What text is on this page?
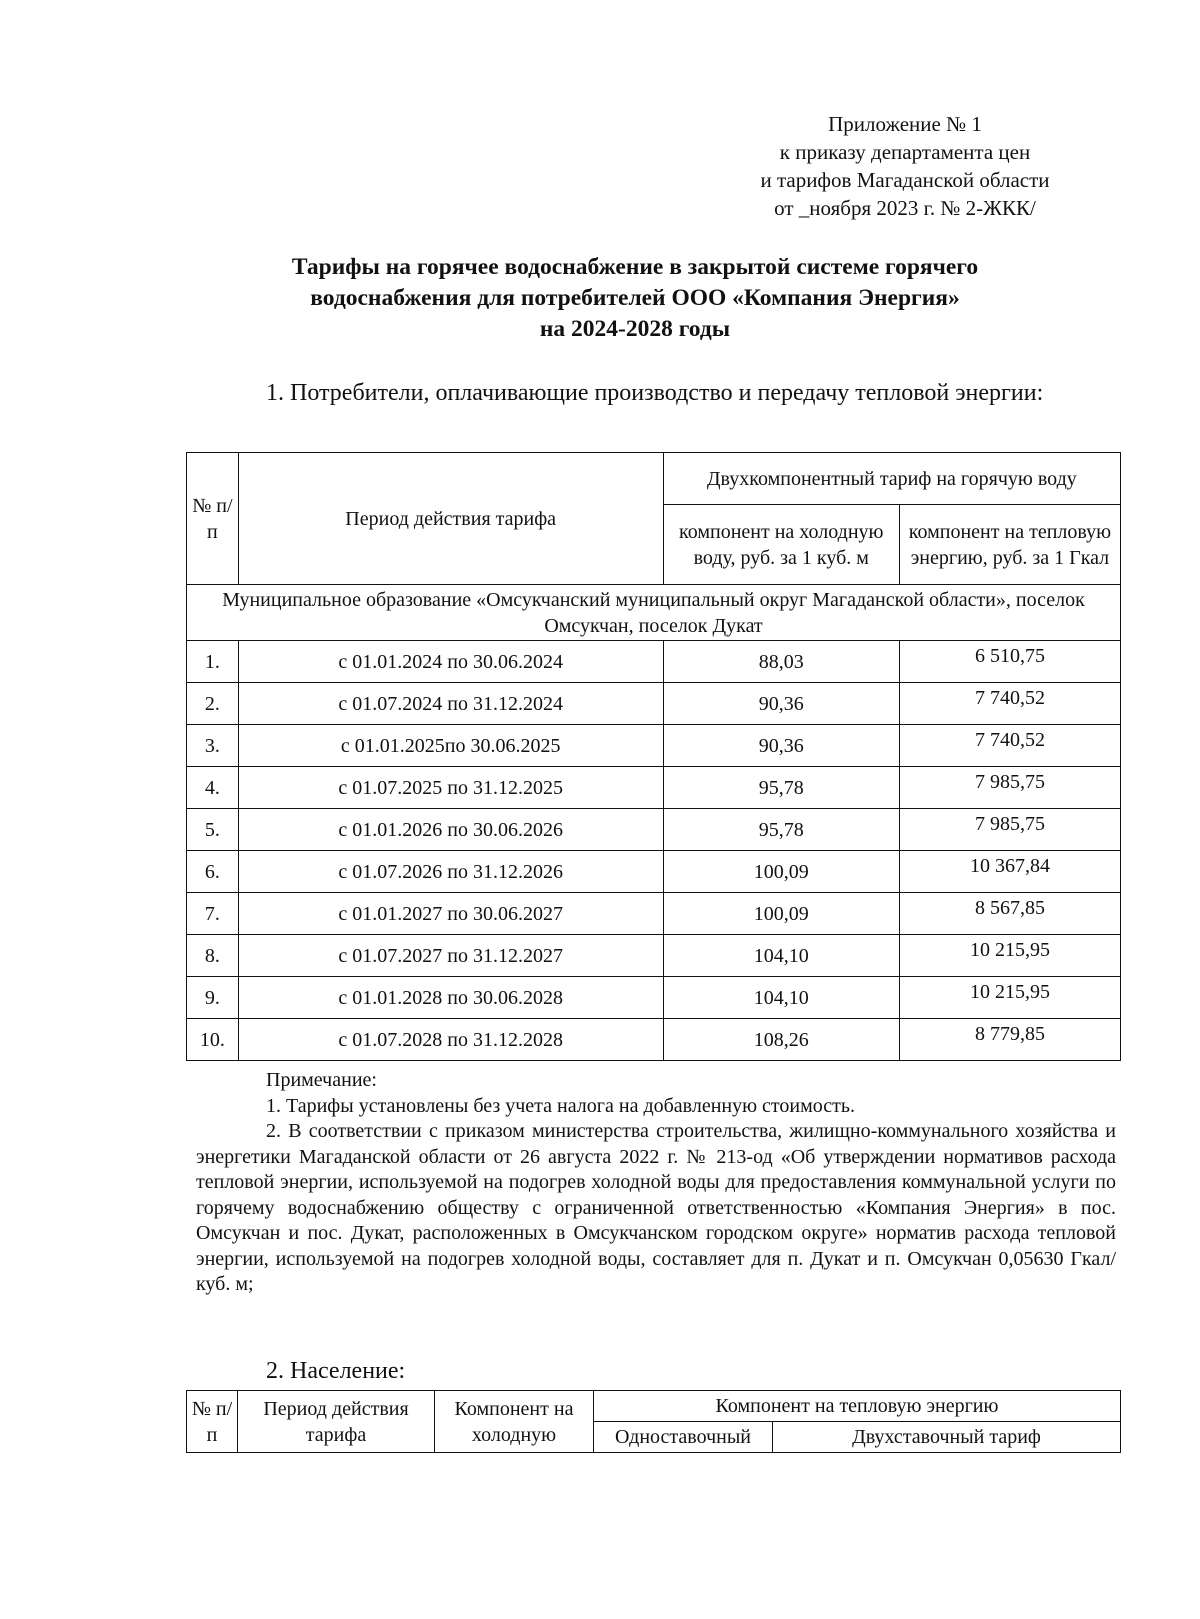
Приложение № 1
к приказу департамента цен
и тарифов Магаданской области
от _ноября 2023 г. № 2-ЖКК/
Тарифы на горячее водоснабжение в закрытой системе горячего
водоснабжения для потребителей ООО «Компания Энергия»
на 2024-2028 годы
1. Потребители, оплачивающие производство и передачу тепловой энергии:
№ п/п	Период действия тарифа	Двухкомпонентный тариф на горячую воду	
		компонент на холодную воду, руб. за 1 куб. м	компонент на тепловую энергию, руб. за 1 Гкал
Муниципальное образование «Омсукчанский муниципальный округ Магаданской области», поселок Омсукчан, поселок Дукат			
1.	с 01.01.2024 по 30.06.2024	88,03	6 510,75
2.	с 01.07.2024 по 31.12.2024	90,36	7 740,52
3.	с 01.01.2025по 30.06.2025	90,36	7 740,52
4.	с 01.07.2025 по 31.12.2025	95,78	7 985,75
5.	с 01.01.2026 по 30.06.2026	95,78	7 985,75
6.	с 01.07.2026 по 31.12.2026	100,09	10 367,84
7.	с 01.01.2027 по 30.06.2027	100,09	8 567,85
8.	с 01.07.2027 по 31.12.2027	104,10	10 215,95
9.	с 01.01.2028 по 30.06.2028	104,10	10 215,95
10.	с 01.07.2028 по 31.12.2028	108,26	8 779,85
Примечание:
1. Тарифы установлены без учета налога на добавленную стоимость.
2. В соответствии с приказом министерства строительства, жилищно-коммунального хозяйства и энергетики Магаданской области от 26 августа 2022 г. № 213-од «Об утверждении нормативов расхода тепловой энергии, используемой на подогрев холодной воды для предоставления коммунальной услуги по горячему водоснабжению обществу с ограниченной ответственностью «Компания Энергия» в пос. Омсукчан и пос. Дукат, расположенных в Омсукчанском городском округе» норматив расхода тепловой энергии, используемой на подогрев холодной воды, составляет для п. Дукат и п. Омсукчан 0,05630 Гкал/куб. м;
2. Население:
№ п/п	Период действия тарифа	Компонент на холодную	Компонент на тепловую энергию	
			Одноставочный	Двухставочный тариф
